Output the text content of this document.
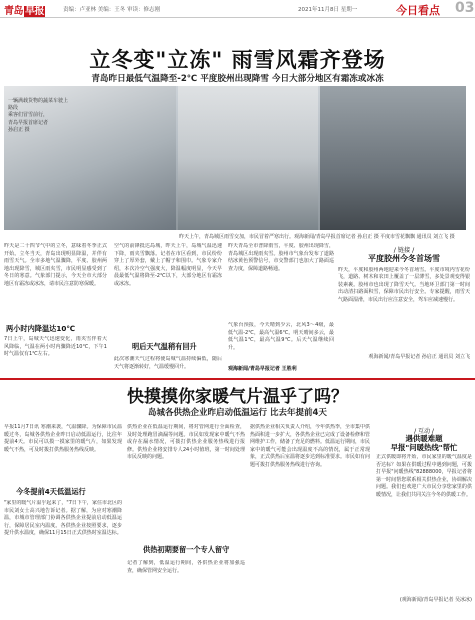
青岛 早报	责编：卢亚林 美编：王冬 审读：修志刚	2021年11月8日 星期一	今日看点 03
立冬变"立冻" 雨雪风霜齐登场
青岛昨日最低气温降至-2℃ 平度胶州出现降雪 今日大部分地区有霜冻或冰冻
一辆满载货物的蔬菜车驶上路段
乘客们冒雪前行，
青岛早报首席记者
孙启正 摄
昨天上午，青岛城区雨雪交加，市民冒着严寒出行。观海新闻/青岛早报首席记者 孙启正 摄 平度市雪花飘飘 通讯员 刘立飞 摄
昨天是二十四节气中的立冬，意味着冬季正式开始。立冬当天，青岛出现明显降温，并伴有雨雪天气。全市多地气温骤降，平度、胶州两地出现降雪，城区雨夹雪，市民明显感受到了冬日的寒意。气象部门提示，今天全市大部分地区有霜冻或冰冻，请市民注意防寒保暖。
两小时内降温达10℃
7日上午，岛城天气迅速变化，雨夹雪伴着大风降临，气温在两小时内骤降近10℃，下午1时气温仅有1℃左右。
空气的前锋抵达岛城，昨天上午，岛城气温迅速下降，雨夹雪飘落。记者在市区看到，市民纷纷穿上了厚外套，戴上了帽子和围巾。气象专家介绍，本次冷空气强度大，降温幅度明显，今天早晨最低气温将降至-2℃以下，大部分地区有霜冻或冰冻。
明后天气温稍有回升
此次寒潮天气过程将使岛城气温持续偏低，随后天气将逐渐转好，气温缓慢回升。
昨天青岛全市普降雨雪，平度、胶州出现降雪，青岛城区出现雨夹雪。胶州市气象台发布了道路结冰黄色预警信号，市交警部门也加大了路面巡查力度，保障道路畅通。
气象台预报，今天晴到少云，北风3～4级，最低气温-2℃，最高气温6℃。明天晴间多云，最低气温1℃，最高气温9℃。后天气温继续回升。
观海新闻/青岛早报记者 王胜利
/ 链接 /
平度胶州今冬首场雪
昨天，平度和胶州两地迎来今冬首场雪。平度市境内雪花纷飞，道路、树木和农田上覆盖了一层薄雪，多处景观变得银装素裹。胶州市也出现了降雪天气。当地环卫部门第一时间出动清扫路面积雪，保障市民出行安全。专家提醒，雨雪天气路面湿滑，市民出行应注意安全，驾车应减速慢行。
观海新闻/青岛早报记者 孙启正 通讯员 刘立飞
快摸摸你家暖气片温乎了吗？
岛城各供热企业昨启动低温运行 比去年提前4天
早报11月7日讯 寒潮来袭，气温骤降。为保障市民温暖过冬，岛城各供热企业昨日启动低温运行，比往年提前4天。市民可以摸一摸家里的暖气片，如果发现暖气不热，可及时拨打供热服务热线反映。
今冬提前4天低温运行
"家里的暖气片温乎起来了，"7日下午，家住市北区的市民刘女士高兴地告诉记者。据了解，为应对寒潮降温，市城市管理部门协调各供热企业提前启动低温运行，保障居民室内温度。各供热企业按照要求，逐步提升供水温度，确保11月15日正式供热时室温达标。
供热企业在低温运行期间，将对管网进行全面检查，及时处理跑冒滴漏等问题。市民如发现家中暖气不热或存在漏水情况，可拨打供热企业服务热线进行报修。供热企业将安排专人24小时值班，第一时间处理市民反映的问题。
供热初期要留一个专人留守
记者了解到，低温运行期间，各供热企业将加强巡查，确保管网安全运行。
据供热企业相关负责人介绍，今年供热季，全市集中供热面积进一步扩大，各供热企业已完成了设备检修和管网维护工作，储备了充足的燃料。低温运行期间，市民家中的暖气可能会出现温度不高的情况，属于正常现象，正式供热后室温将逐步达到标准要求。市民如有问题可拨打供热服务热线进行咨询。
/ 互动 /
遇供暖难题
早报"问暖热线"帮忙
正式供暖即将开始，市民家里的暖气温度是否达标？如果在供暖过程中遇到问题，可拨打早报"问暖热线"82888000，早报记者将第一时间帮您联系相关供热企业，协调解决问题。我们也欢迎广大市民分享您家里的供暖情况，让我们共同关注今冬的供暖工作。
(观海新闻/青岛早报记者 吴冰冰)
